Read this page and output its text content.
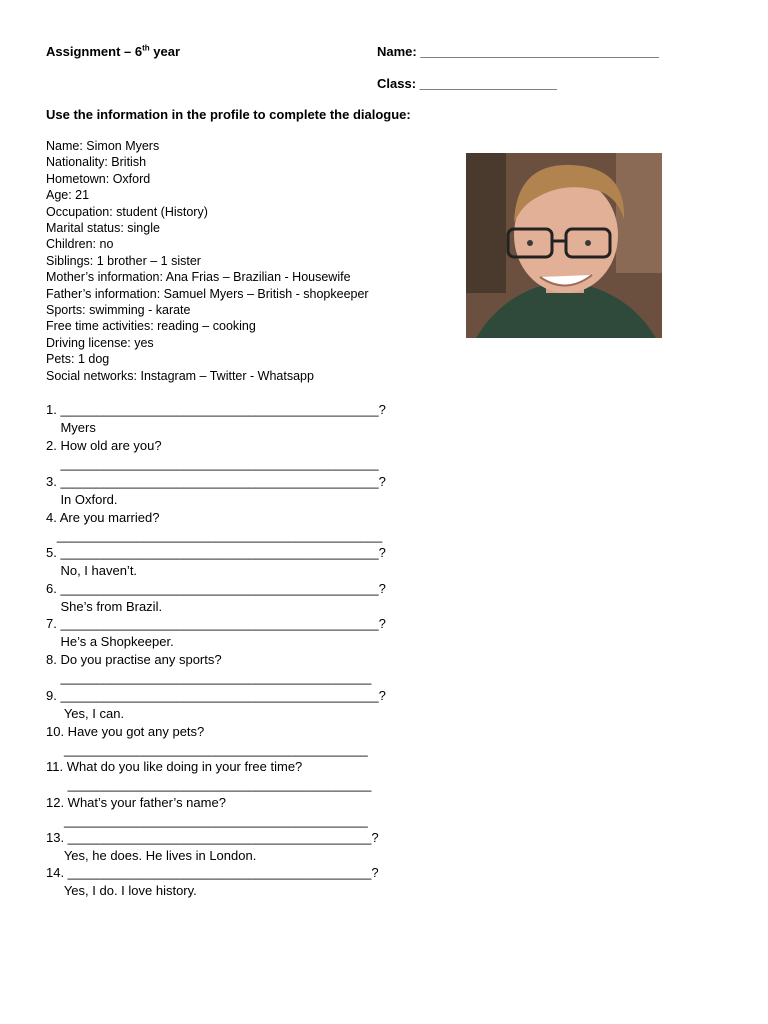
Assignment – 6th year	Name: _________________________________
Class: ___________________
Use the information in the profile to complete the dialogue:
Name: Simon Myers
Nationality: British
Hometown: Oxford
Age: 21
Occupation: student (History)
Marital status: single
Children: no
Siblings: 1 brother – 1 sister
Mother’s information: Ana Frias – Brazilian - Housewife
Father’s information: Samuel Myers – British - shopkeeper
Sports: swimming - karate
Free time activities: reading – cooking
Driving license: yes
Pets: 1 dog
Social networks: Instagram – Twitter - Whatsapp
1. ____________________________________________?
Myers
2. How old are you?
____________________________________________
3. ____________________________________________?
In Oxford.
4. Are you married?
_____________________________________________
5. ____________________________________________?
No, I haven’t.
6. ____________________________________________?
She’s from Brazil.
7. ____________________________________________?
He’s a Shopkeeper.
8. Do you practise any sports?
___________________________________________
9. ____________________________________________?
Yes, I can.
10. Have you got any pets?
__________________________________________
11. What do you like doing in your free time?
__________________________________________
12. What’s your father’s name?
__________________________________________
13. __________________________________________?
Yes, he does. He lives in London.
14. __________________________________________?
Yes, I do. I love history.
